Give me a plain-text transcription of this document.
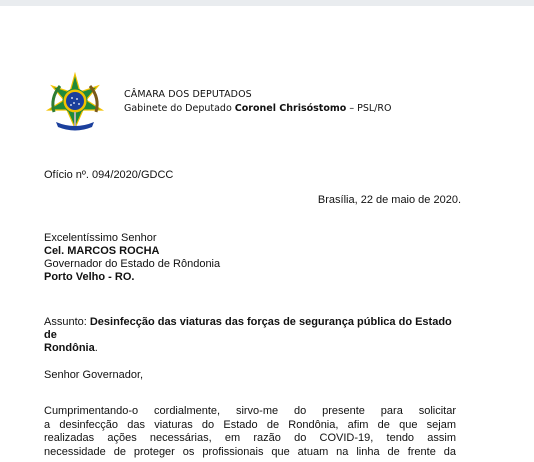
CÂMARA DOS DEPUTADOS
Gabinete do Deputado Coronel Chrisóstomo – PSL/RO
Ofício nº. 094/2020/GDCC
Brasília, 22 de maio de 2020.
Excelentíssimo Senhor
Cel. MARCOS ROCHA
Governador do Estado de Rôndonia
Porto Velho - RO.
Assunto: Desinfecção das viaturas das forças de segurança pública do Estado de
Rondônia.
Senhor Governador,
Cumprimentando-o cordialmente, sirvo-me do presente para solicitar
a desinfecção das viaturas do Estado de Rondônia, afim de que sejam
realizadas ações necessárias, em razão do COVID-19, tendo assim
necessidade de proteger os profissionais que atuam na linha de frente da
